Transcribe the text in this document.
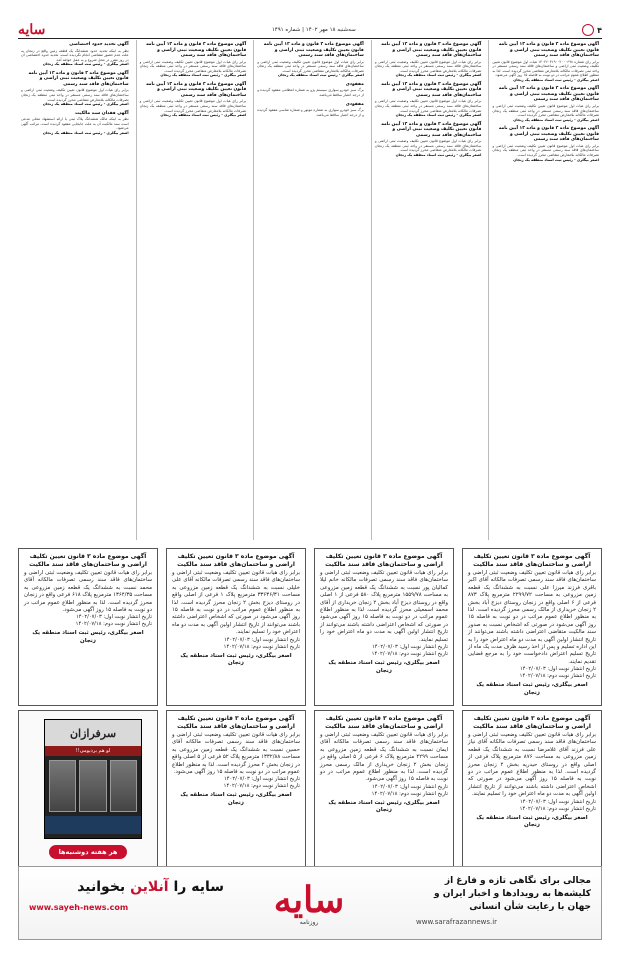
۴
سه‌شنبه ۱۸ مهر ۱۴۰۲ | شماره ۱۴۹۱
سایه
آگهی موضوع ماده ۳ قانون و ماده ۱۳ آیین نامه قانون تعیین تکلیف وضعیت ثبتی اراضی و ساختمان‌های فاقد سند رسمی
برابر رای شماره ۱۴۰۲۶۰۳۱۹۰۰۲۰۰۰۶۹۸ هیات اول موضوع قانون تعیین تکلیف وضعیت ثبتی اراضی و ساختمان‌های فاقد سند رسمی مستقر در واحد ثبتی تصرفات مالکانه بلامعارض متقاضی محرز گردیده است. لذا به منظور اطلاع عموم مراتب در دو نوبت به فاصله ۱۵ روز آگهی می‌شود.
اصغر بیگلری - رئیس ثبت اسناد منطقه یک زنجان
آگهی موضوع ماده ۳ قانون و ماده ۱۳ آیین نامه قانون تعیین تکلیف وضعیت ثبتی اراضی و ساختمان‌های فاقد سند رسمی
برابر رای هیات اول موضوع قانون تعیین تکلیف وضعیت ثبتی اراضی و ساختمان‌های فاقد سند رسمی مستقر در واحد ثبتی منطقه یک زنجان تصرفات مالکانه بلامعارض متقاضی محرز گردیده است.
اصغر بیگلری - رئیس ثبت اسناد منطقه یک زنجان
آگهی موضوع ماده ۳ قانون و ماده ۱۳ آیین نامه قانون تعیین تکلیف وضعیت ثبتی اراضی و ساختمان‌های فاقد سند رسمی
برابر رای هیات اول موضوع قانون تعیین تکلیف وضعیت ثبتی اراضی و ساختمان‌های فاقد سند رسمی مستقر در واحد ثبتی منطقه یک زنجان تصرفات مالکانه بلامعارض متقاضی محرز گردیده است.
اصغر بیگلری - رئیس ثبت اسناد منطقه یک زنجان
آگهی موضوع ماده ۳ قانون و ماده ۱۳ آیین نامه قانون تعیین تکلیف وضعیت ثبتی اراضی و ساختمان‌های فاقد سند رسمی
برابر رای هیات اول موضوع قانون تعیین تکلیف وضعیت ثبتی اراضی و ساختمان‌های فاقد سند رسمی مستقر در واحد ثبتی منطقه یک زنجان تصرفات مالکانه بلامعارض متقاضی محرز گردیده است.
اصغر بیگلری - رئیس ثبت اسناد منطقه یک زنجان
آگهی موضوع ماده ۳ قانون و ماده ۱۳ آیین نامه قانون تعیین تکلیف وضعیت ثبتی اراضی و ساختمان‌های فاقد سند رسمی
برابر رای هیات اول موضوع قانون تعیین تکلیف وضعیت ثبتی اراضی و ساختمان‌های فاقد سند رسمی مستقر در واحد ثبتی منطقه یک زنجان تصرفات مالکانه بلامعارض متقاضی محرز گردیده است.
اصغر بیگلری - رئیس ثبت اسناد منطقه یک زنجان
آگهی موضوع ماده ۳ قانون و ماده ۱۳ آیین نامه قانون تعیین تکلیف وضعیت ثبتی اراضی و ساختمان‌های فاقد سند رسمی
برابر رای هیات اول موضوع قانون تعیین تکلیف وضعیت ثبتی اراضی و ساختمان‌های فاقد سند رسمی مستقر در واحد ثبتی منطقه یک زنجان تصرفات مالکانه بلامعارض متقاضی محرز گردیده است.
اصغر بیگلری - رئیس ثبت اسناد منطقه یک زنجان
آگهی موضوع ماده ۳ قانون و ماده ۱۳ آیین نامه قانون تعیین تکلیف وضعیت ثبتی اراضی و ساختمان‌های فاقد سند رسمی
برابر رای هیات اول موضوع قانون تعیین تکلیف وضعیت ثبتی اراضی و ساختمان‌های فاقد سند رسمی مستقر در واحد ثبتی منطقه یک زنجان تصرفات مالکانه بلامعارض متقاضی محرز گردیده است.
اصغر بیگلری - رئیس ثبت اسناد منطقه یک زنجان
مفقودی
برگ سبز خودرو سواری سیستم پژو به شماره انتظامی مفقود گردیده و از درجه اعتبار ساقط می‌باشد.
مفقودی
برگ سبز خودرو سواری به شماره موتور و شماره شاسی مفقود گردیده و از درجه اعتبار ساقط می‌باشد.
آگهی موضوع ماده ۳ قانون و ماده ۱۳ آیین نامه قانون تعیین تکلیف وضعیت ثبتی اراضی و ساختمان‌های فاقد سند رسمی
برابر رای هیات اول موضوع قانون تعیین تکلیف وضعیت ثبتی اراضی و ساختمان‌های فاقد سند رسمی مستقر در واحد ثبتی منطقه یک زنجان تصرفات مالکانه بلامعارض متقاضی محرز گردیده است.
اصغر بیگلری - رئیس ثبت اسناد منطقه یک زنجان
آگهی موضوع ماده ۳ قانون و ماده ۱۳ آیین نامه قانون تعیین تکلیف وضعیت ثبتی اراضی و ساختمان‌های فاقد سند رسمی
برابر رای هیات اول موضوع قانون تعیین تکلیف وضعیت ثبتی اراضی و ساختمان‌های فاقد سند رسمی مستقر در واحد ثبتی منطقه یک زنجان تصرفات مالکانه بلامعارض متقاضی محرز گردیده است.
اصغر بیگلری - رئیس ثبت اسناد منطقه یک زنجان
آگهی تحدید حدود اختصاصی
نظر به اینکه تحدید حدود ششدانگ یک قطعه زمین واقع در زنجان به علت عدم حضور متقاضی انجام نگردیده است، تحدید حدود اختصاصی آن در روز مقرر در محل شروع و به عمل خواهد آمد.
اصغر بیگلری - رئیس ثبت اسناد منطقه یک زنجان
آگهی موضوع ماده ۳ قانون و ماده ۱۳ آیین نامه قانون تعیین تکلیف وضعیت ثبتی اراضی و ساختمان‌های فاقد سند رسمی
برابر رای هیات اول موضوع قانون تعیین تکلیف وضعیت ثبتی اراضی و ساختمان‌های فاقد سند رسمی مستقر در واحد ثبتی منطقه یک زنجان تصرفات مالکانه بلامعارض متقاضی محرز گردیده است.
اصغر بیگلری - رئیس ثبت اسناد منطقه یک زنجان
آگهی فقدان سند مالکیت
نظر به اینکه مالک ششدانگ پلاک ثبتی با ارائه استشهاد محلی مدعی است سند مالکیت آن به علت جابجایی مفقود گردیده است، مراتب آگهی می‌شود.
اصغر بیگلری - رئیس ثبت اسناد منطقه یک زنجان
آگهی موضوع ماده ۳ قانون تعیین تکلیف اراضی و ساختمان‌های فاقد سند مالکیت
برابر رای هیات قانون تعیین تکلیف وضعیت ثبتی اراضی و ساختمان‌های فاقد سند رسمی تصرفات مالکانه آقای اکبر باقری فرزند میرزا علی نسبت به ششدانگ یک قطعه زمین مزروعی به مساحت ۲۲۹۹/۷۲ مترمربع پلاک ۸۷۳ فرعی از ۶ اصلی واقع در زنجان روستای دیزج آباد بخش ۲ زنجان خریداری از مالک رسمی محرز گردیده است. لذا به منظور اطلاع عموم مراتب در دو نوبت به فاصله ۱۵ روز آگهی می‌شود در صورتی که اشخاص نسبت به صدور سند مالکیت متقاضی اعتراضی داشته باشند می‌توانند از تاریخ انتشار اولین آگهی به مدت دو ماه اعتراض خود را به این اداره تسلیم و پس از اخذ رسید ظرف مدت یک ماه از تاریخ تسلیم اعتراض دادخواست خود را به مرجع قضایی تقدیم نمایند.
تاریخ انتشار نوبت اول: ۱۴۰۲/۰۷/۰۳
تاریخ انتشار نوبت دوم: ۱۴۰۲/۰۷/۱۸
اصغر بیگلری، رئیس ثبت اسناد منطقه یک زنجان
آگهی موضوع ماده ۳ قانون تعیین تکلیف اراضی و ساختمان‌های فاقد سند مالکیت
برابر رای هیات قانون تعیین تکلیف وضعیت ثبتی اراضی و ساختمان‌های فاقد سند رسمی تصرفات مالکانه خانم لیلا کمالیان پور نسبت به ششدانگ یک قطعه زمین مزروعی به مساحت ۱۵۵۹/۷۸ مترمربع پلاک ۵۸۰ فرعی از ۱ اصلی واقع در روستای دیزج آباد بخش ۲ زنجان خریداری از آقای محمد اسمعیلی محرز گردیده است. لذا به منظور اطلاع عموم مراتب در دو نوبت به فاصله ۱۵ روز آگهی می‌شود در صورتی که اشخاص اعتراضی داشته باشند می‌توانند از تاریخ انتشار اولین آگهی به مدت دو ماه اعتراض خود را تسلیم نمایند.
تاریخ انتشار نوبت اول: ۱۴۰۲/۰۷/۰۳
تاریخ انتشار نوبت دوم: ۱۴۰۲/۰۷/۱۸
اصغر بیگلری، رئیس ثبت اسناد منطقه یک زنجان
آگهی موضوع ماده ۳ قانون تعیین تکلیف اراضی و ساختمان‌های فاقد سند مالکیت
برابر رای هیات قانون تعیین تکلیف وضعیت ثبتی اراضی و ساختمان‌های فاقد سند رسمی تصرفات مالکانه آقای علی خلیلی نسبت به ششدانگ یک قطعه زمین مزروعی به مساحت ۳۳۶۳۶/۳۱ مترمربع پلاک ۱ فرعی از اصلی واقع در روستای دیزج بخش ۲ زنجان محرز گردیده است. لذا به منظور اطلاع عموم مراتب در دو نوبت به فاصله ۱۵ روز آگهی می‌شود در صورتی که اشخاص اعتراضی داشته باشند می‌توانند از تاریخ انتشار اولین آگهی به مدت دو ماه اعتراض خود را تسلیم نمایند.
تاریخ انتشار نوبت اول: ۱۴۰۲/۰۷/۰۳
تاریخ انتشار نوبت دوم: ۱۴۰۲/۰۷/۱۸
اصغر بیگلری، رئیس ثبت اسناد منطقه یک زنجان
آگهی موضوع ماده ۳ قانون تعیین تکلیف اراضی و ساختمان‌های فاقد سند مالکیت
برابر رای هیات قانون تعیین تکلیف وضعیت ثبتی اراضی و ساختمان‌های فاقد سند رسمی تصرفات مالکانه آقای محمد نسبت به ششدانگ یک قطعه زمین مزروعی به مساحت ۱۳۶۴/۳۵ مترمربع پلاک ۶۱۸ فرعی واقع در زنجان محرز گردیده است. لذا به منظور اطلاع عموم مراتب در دو نوبت به فاصله ۱۵ روز آگهی می‌شود.
تاریخ انتشار نوبت اول: ۱۴۰۲/۰۷/۰۳
تاریخ انتشار نوبت دوم: ۱۴۰۲/۰۷/۱۸
اصغر بیگلری، رئیس ثبت اسناد منطقه یک زنجان
آگهی موضوع ماده ۳ قانون تعیین تکلیف اراضی و ساختمان‌های فاقد سند مالکیت
برابر رای هیات قانون تعیین تکلیف وضعیت ثبتی اراضی و ساختمان‌های فاقد سند رسمی تصرفات مالکانه آقای نیاز علی فرزند آقای غلامرضا نسبت به ششدانگ یک قطعه زمین مزروعی به مساحت ۸۷۶ مترمربع پلاک فرعی از اصلی واقع در روستای حیدریه بخش ۲ زنجان محرز گردیده است. لذا به منظور اطلاع عموم مراتب در دو نوبت به فاصله ۱۵ روز آگهی می‌شود در صورتی که اشخاص اعتراضی داشته باشند می‌توانند از تاریخ انتشار اولین آگهی به مدت دو ماه اعتراض خود را تسلیم نمایند.
تاریخ انتشار نوبت اول: ۱۴۰۲/۰۷/۰۳
تاریخ انتشار نوبت دوم: ۱۴۰۲/۰۷/۱۸
اصغر بیگلری، رئیس ثبت اسناد منطقه یک زنجان
آگهی موضوع ماده ۳ قانون تعیین تکلیف اراضی و ساختمان‌های فاقد سند مالکیت
برابر رای هیات قانون تعیین تکلیف وضعیت ثبتی اراضی و ساختمان‌های فاقد سند رسمی تصرفات مالکانه آقای ایمان نسبت به ششدانگ یک قطعه زمین مزروعی به مساحت ۴۲۹۹ مترمربع پلاک ۶ فرعی از ۵ اصلی واقع در زنجان بخش ۲ زنجان خریداری از مالک رسمی محرز گردیده است. لذا به منظور اطلاع عموم مراتب در دو نوبت به فاصله ۱۵ روز آگهی می‌شود.
تاریخ انتشار نوبت اول: ۱۴۰۲/۰۷/۰۳
تاریخ انتشار نوبت دوم: ۱۴۰۲/۰۷/۱۸
اصغر بیگلری، رئیس ثبت اسناد منطقه یک زنجان
آگهی موضوع ماده ۳ قانون تعیین تکلیف اراضی و ساختمان‌های فاقد سند مالکیت
برابر رای هیات قانون تعیین تکلیف وضعیت ثبتی اراضی و ساختمان‌های فاقد سند رسمی تصرفات مالکانه آقای حسین نسبت به ششدانگ یک قطعه زمین مزروعی به مساحت ۱۳۳۲/۸۸ مترمربع پلاک ۵۲ فرعی از ۵ اصلی واقع در زنجان بخش ۲ محرز گردیده است. لذا به منظور اطلاع عموم مراتب در دو نوبت به فاصله ۱۵ روز آگهی می‌شود.
تاریخ انتشار نوبت اول: ۱۴۰۲/۰۷/۰۳
تاریخ انتشار نوبت دوم: ۱۴۰۲/۰۷/۱۸
اصغر بیگلری، رئیس ثبت اسناد منطقه یک زنجان
سرفرازان
لو هم بردیومی!!
هر هفته دوشنبه‌ها
مجالی برای نگاهی تازه و فارغ از
کلیشه‌ها به رویدادها و اخبار ایران و
جهان با رعایت شأن انسانی
www.sarafrazannews.ir
سایه
روزنامه
سایه را آنلاین بخوانید
www.sayeh-news.com
